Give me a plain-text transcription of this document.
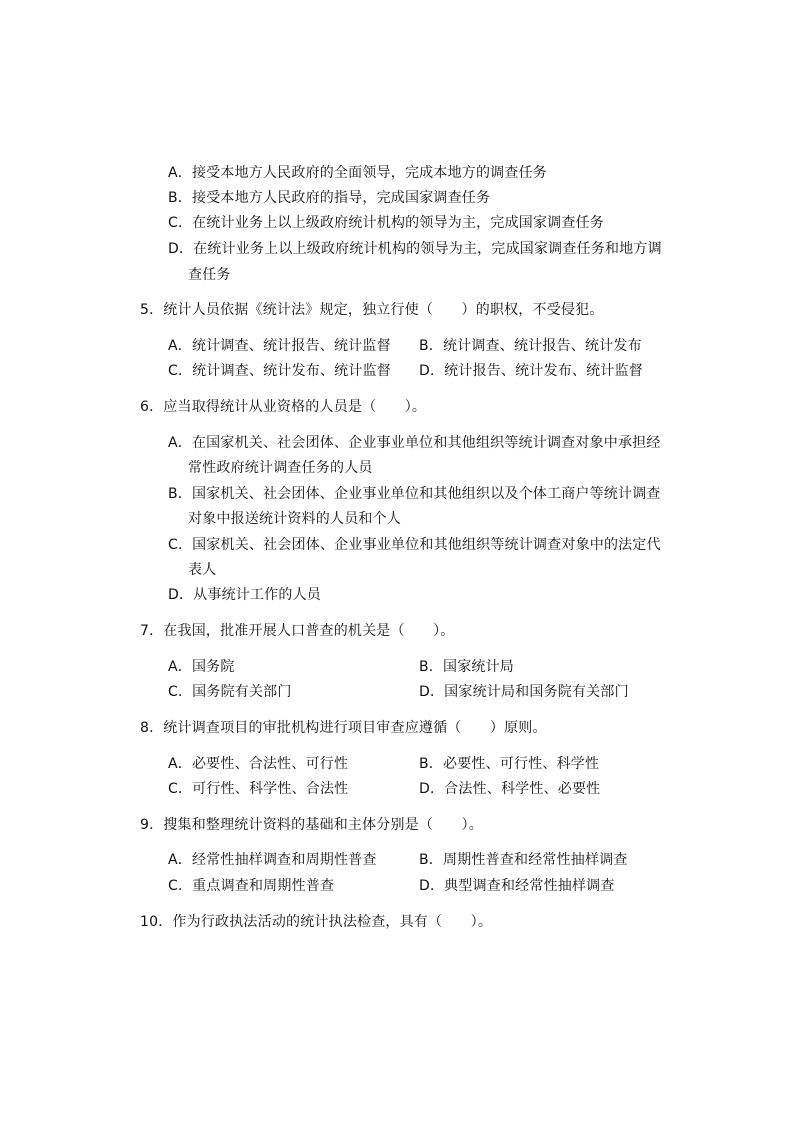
A．接受本地方人民政府的全面领导，完成本地方的调查任务
B．接受本地方人民政府的指导，完成国家调查任务
C．在统计业务上以上级政府统计机构的领导为主，完成国家调查任务
D．在统计业务上以上级政府统计机构的领导为主，完成国家调查任务和地方调
查任务
5．统计人员依据《统计法》规定，独立行使（　　）的职权，不受侵犯。
A．统计调查、统计报告、统计监督 B．统计调查、统计报告、统计发布
C．统计调查、统计发布、统计监督 D．统计报告、统计发布、统计监督
6．应当取得统计从业资格的人员是（　　）。
A．在国家机关、社会团体、企业事业单位和其他组织等统计调查对象中承担经
常性政府统计调查任务的人员
B．国家机关、社会团体、企业事业单位和其他组织以及个体工商户等统计调查
对象中报送统计资料的人员和个人
C．国家机关、社会团体、企业事业单位和其他组织等统计调查对象中的法定代
表人
D．从事统计工作的人员
7．在我国，批准开展人口普查的机关是（　　）。
A．国务院	B．国家统计局
C．国务院有关部门	D．国家统计局和国务院有关部门
8．统计调查项目的审批机构进行项目审查应遵循（　　）原则。
A．必要性、合法性、可行性	B．必要性、可行性、科学性
C．可行性、科学性、合法性	D．合法性、科学性、必要性
9．搜集和整理统计资料的基础和主体分别是（　　）。
A．经常性抽样调查和周期性普查	B．周期性普查和经常性抽样调查
C．重点调查和周期性普查	D．典型调查和经常性抽样调查
10．作为行政执法活动的统计执法检查，具有（　　）。
